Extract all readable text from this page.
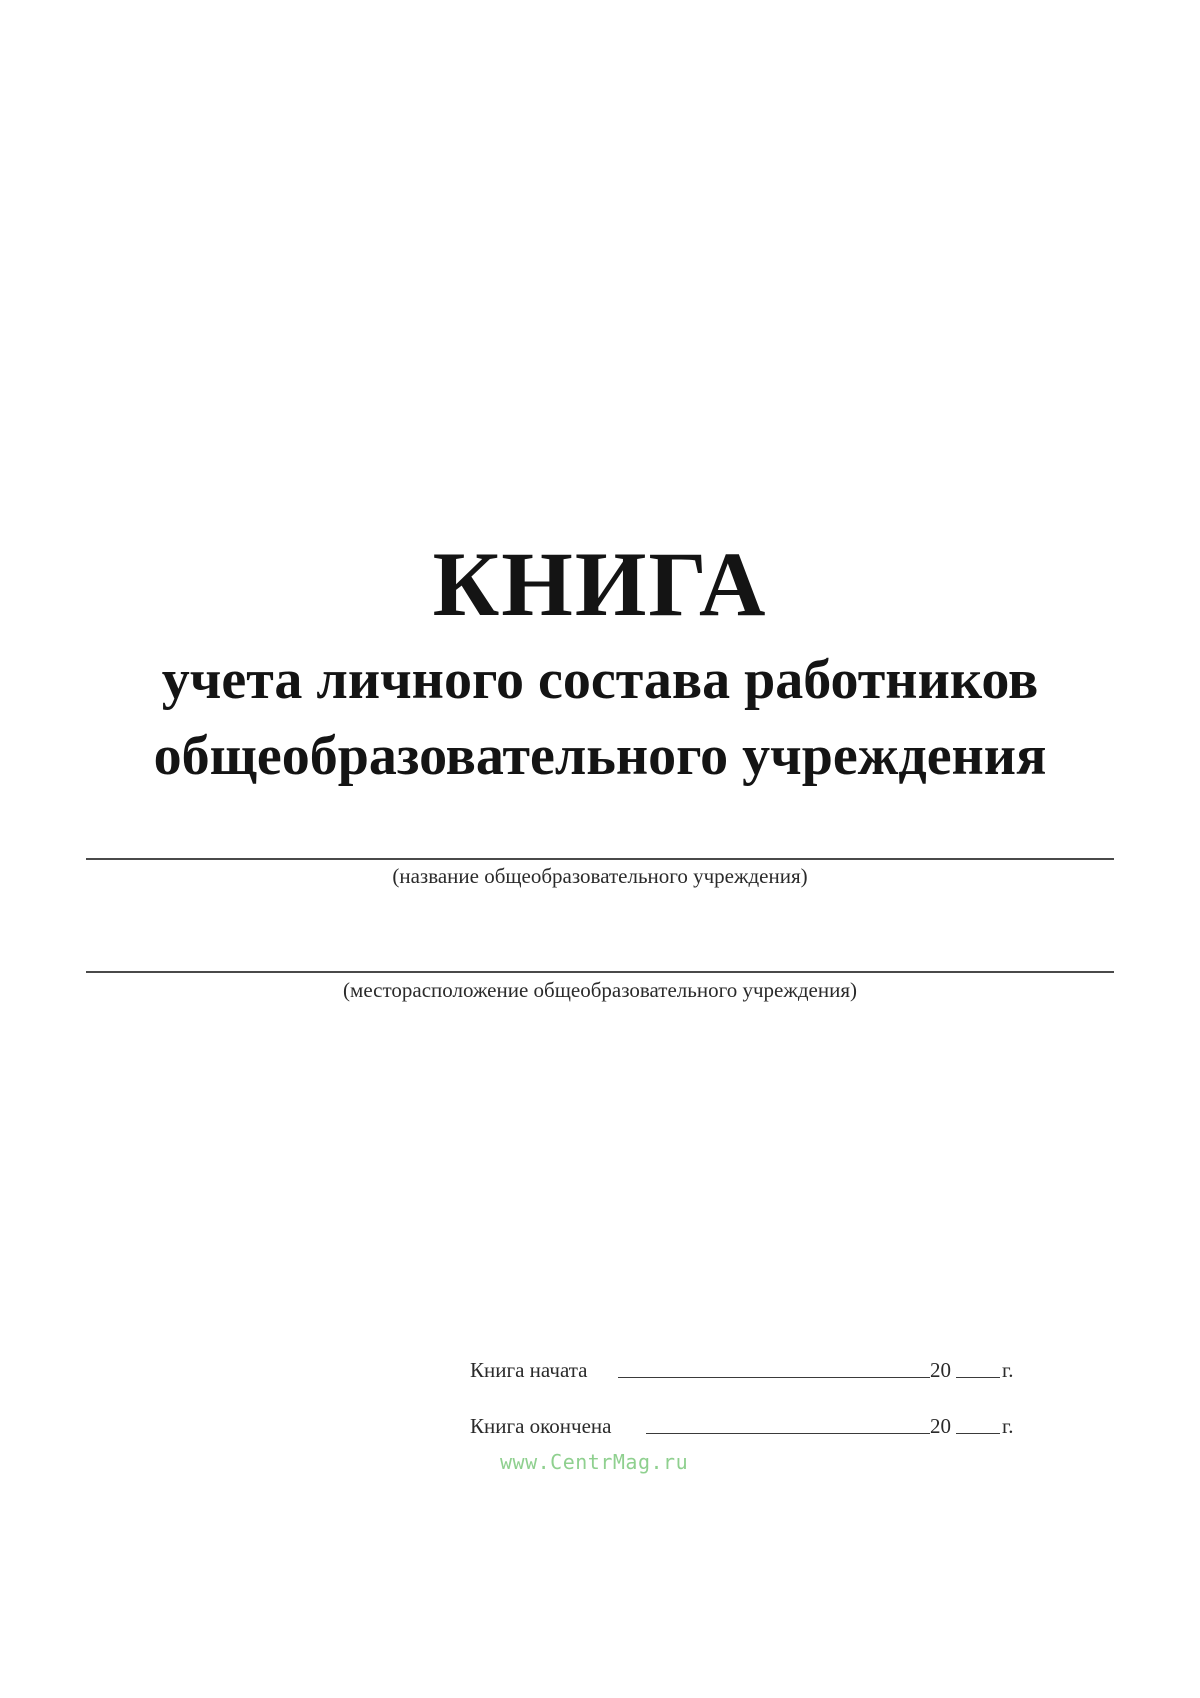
КНИГА
учета личного состава работников
общеобразовательного учреждения
(название общеобразовательного учреждения)
(месторасположение общеобразовательного учреждения)
Книга начата	20 г.
Книга окончена	20 г.
www.CentrMag.ru
